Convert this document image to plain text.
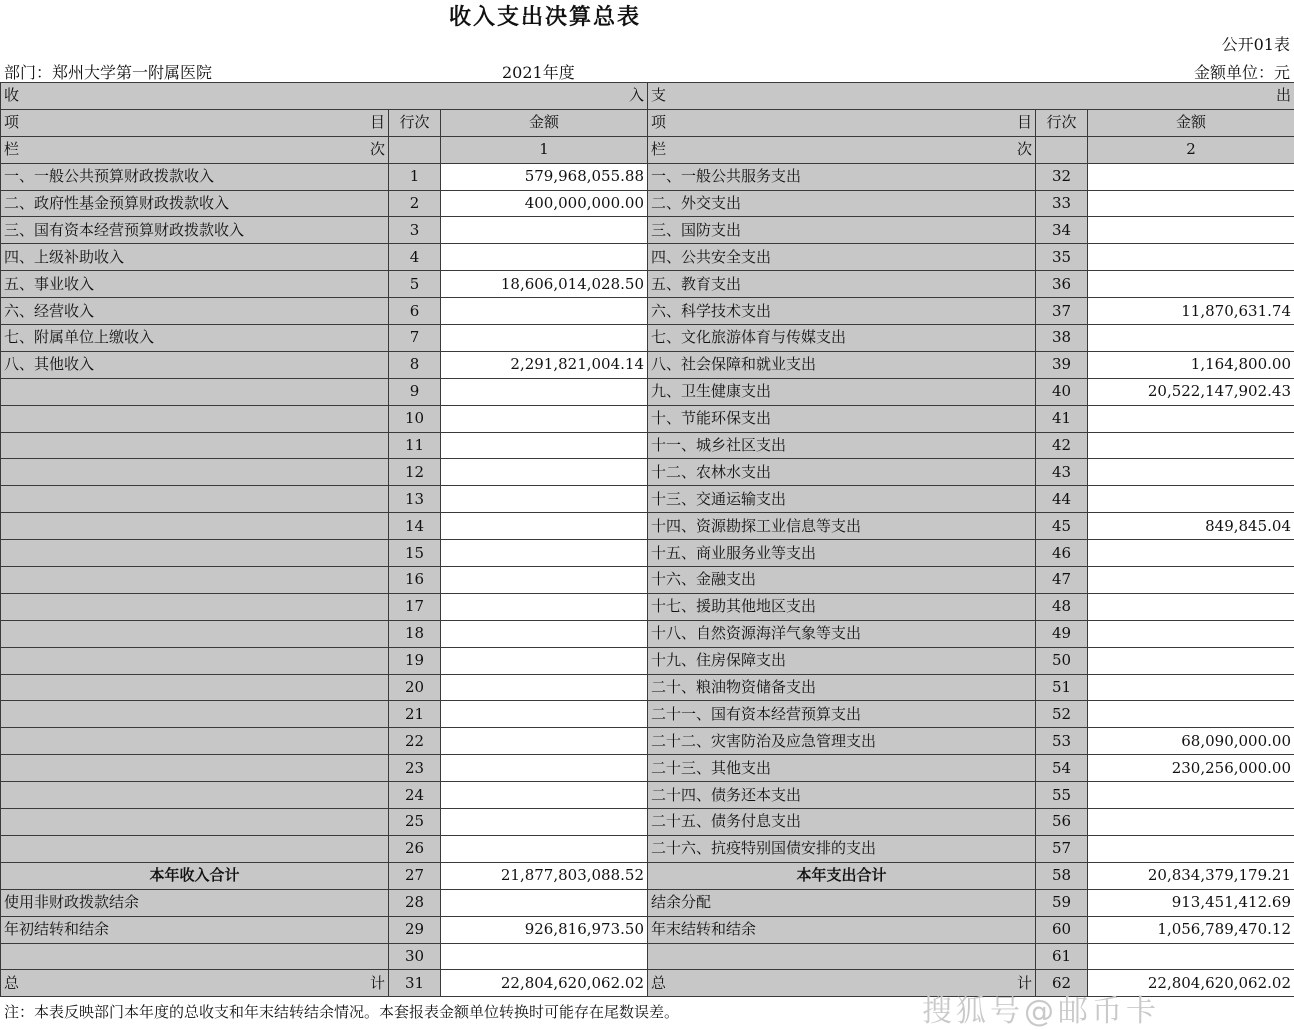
收入支出决算总表
公开01表
部门：郑州大学第一附属医院	2021年度	金额单位：元
收 入			支 出		

项 目	行次	金额	项 目	行次	金额

栏 次		1	栏 次		2
一、一般公共预算财政拨款收入	1	579,968,055.88	一、一般公共服务支出	32	
二、政府性基金预算财政拨款收入	2	400,000,000.00	二、外交支出	33	
三、国有资本经营预算财政拨款收入	3		三、国防支出	34	
四、上级补助收入	4		四、公共安全支出	35	
五、事业收入	5	18,606,014,028.50	五、教育支出	36	
六、经营收入	6		六、科学技术支出	37	11,870,631.74
七、附属单位上缴收入	7		七、文化旅游体育与传媒支出	38	
八、其他收入	8	2,291,821,004.14	八、社会保障和就业支出	39	1,164,800.00
	9		九、卫生健康支出	40	20,522,147,902.43
	10		十、节能环保支出	41	
	11		十一、城乡社区支出	42	
	12		十二、农林水支出	43	
	13		十三、交通运输支出	44	
	14		十四、资源勘探工业信息等支出	45	849,845.04
	15		十五、商业服务业等支出	46	
	16		十六、金融支出	47	
	17		十七、援助其他地区支出	48	
	18		十八、自然资源海洋气象等支出	49	
	19		十九、住房保障支出	50	
	20		二十、粮油物资储备支出	51	
	21		二十一、国有资本经营预算支出	52	
	22		二十二、灾害防治及应急管理支出	53	68,090,000.00
	23		二十三、其他支出	54	230,256,000.00
	24		二十四、债务还本支出	55	
	25		二十五、债务付息支出	56	
	26		二十六、抗疫特别国债安排的支出	57	
本年收入合计	27	21,877,803,088.52	本年支出合计	58	20,834,379,179.21
使用非财政拨款结余	28		结余分配	59	913,451,412.69
年初结转和结余	29	926,816,973.50	年末结转和结余	60	1,056,789,470.12
	30			61	

总 计	31	22,804,620,062.02	总 计	62	22,804,620,062.02
注：本表反映部门本年度的总收支和年末结转结余情况。本套报表金额单位转换时可能存在尾数误差。	搜狐号@邮币卡
